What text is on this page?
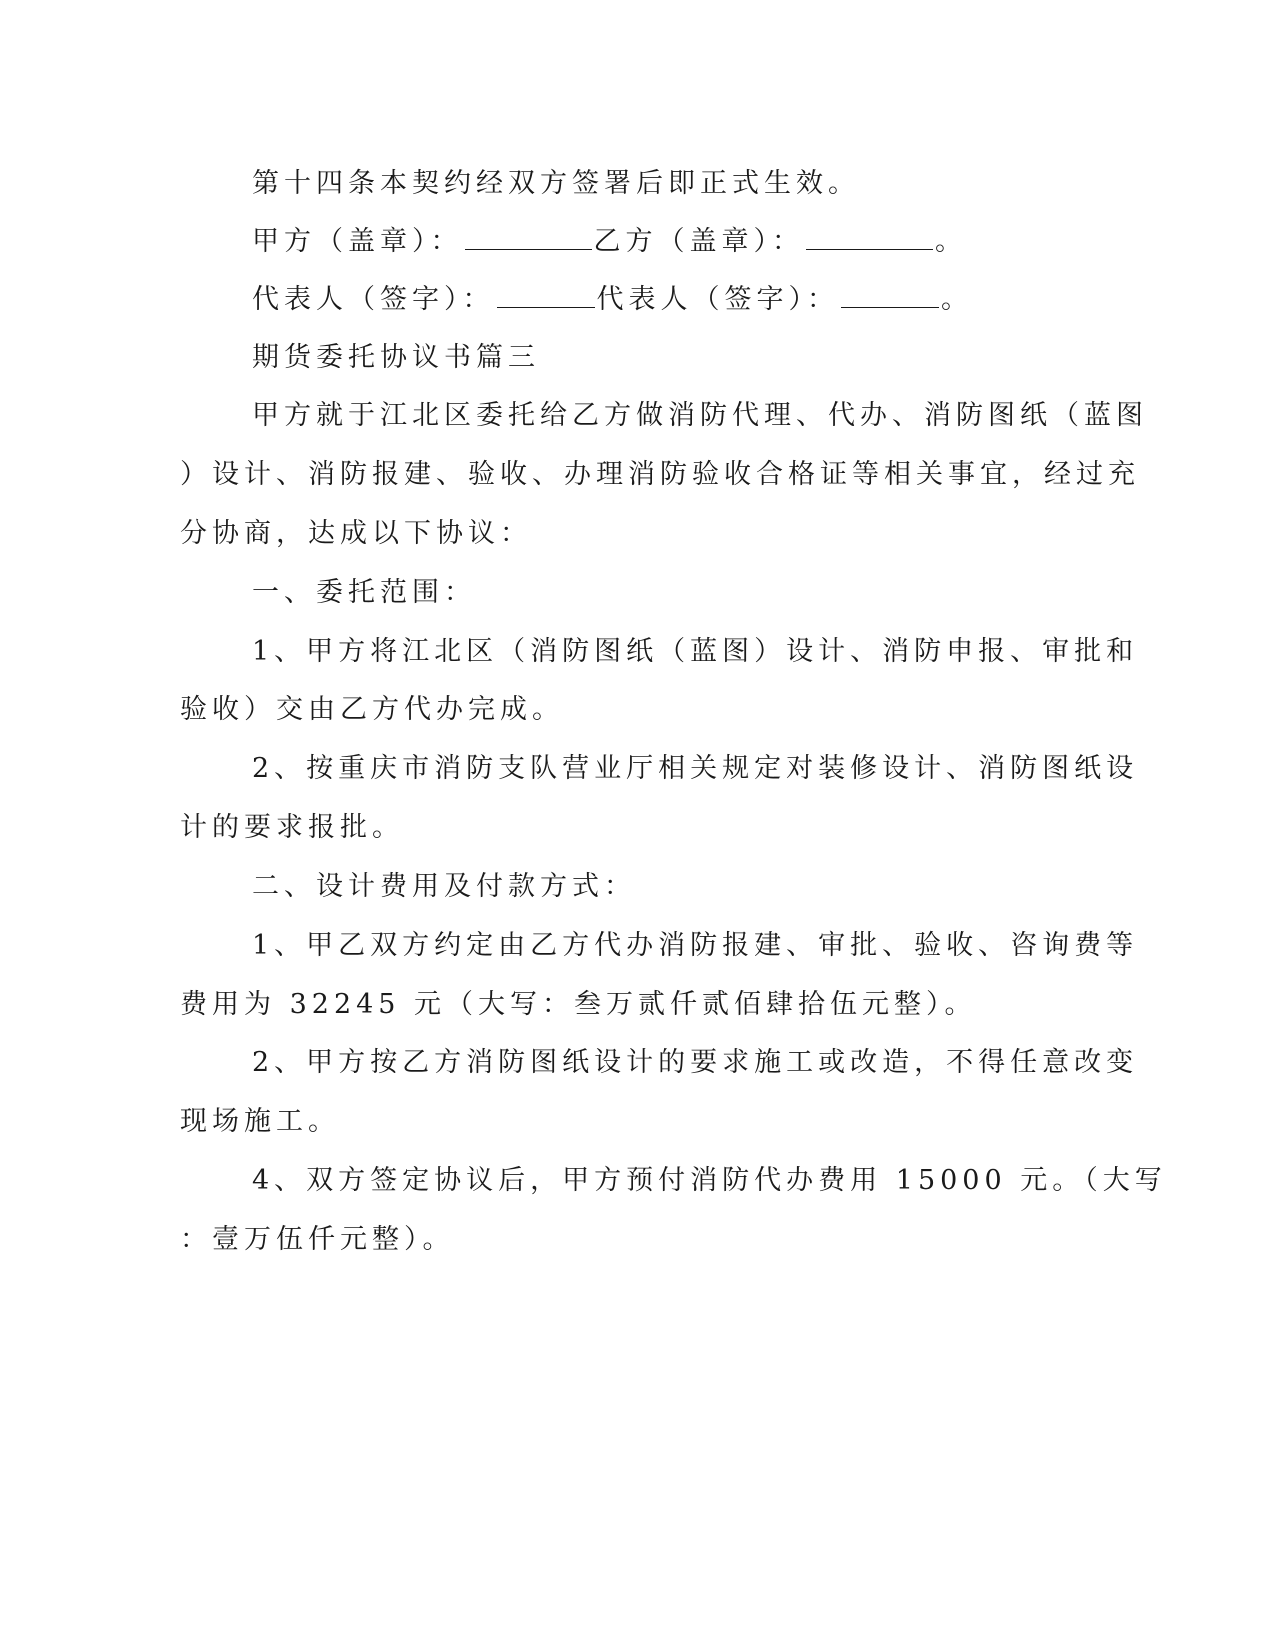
第十四条本契约经双方签署后即正式生效。
甲方（盖章）：	乙方（盖章）：	。
代表人（签字）：	代表人（签字）：	。
期货委托协议书篇三
甲方就于江北区委托给乙方做消防代理、代办、消防图纸（蓝图
）设计、消防报建、验收、办理消防验收合格证等相关事宜，经过充
分协商，达成以下协议：
一、委托范围：
1、甲方将江北区（消防图纸（蓝图）设计、消防申报、审批和
验收）交由乙方代办完成。
2、按重庆市消防支队营业厅相关规定对装修设计、消防图纸设
计的要求报批。
二、设计费用及付款方式：
1、甲乙双方约定由乙方代办消防报建、审批、验收、咨询费等
费用为 32245 元（大写：叁万贰仟贰佰肆拾伍元整）。
2、甲方按乙方消防图纸设计的要求施工或改造，不得任意改变
现场施工。
4、双方签定协议后，甲方预付消防代办费用 15000 元。（大写
：壹万伍仟元整）。
